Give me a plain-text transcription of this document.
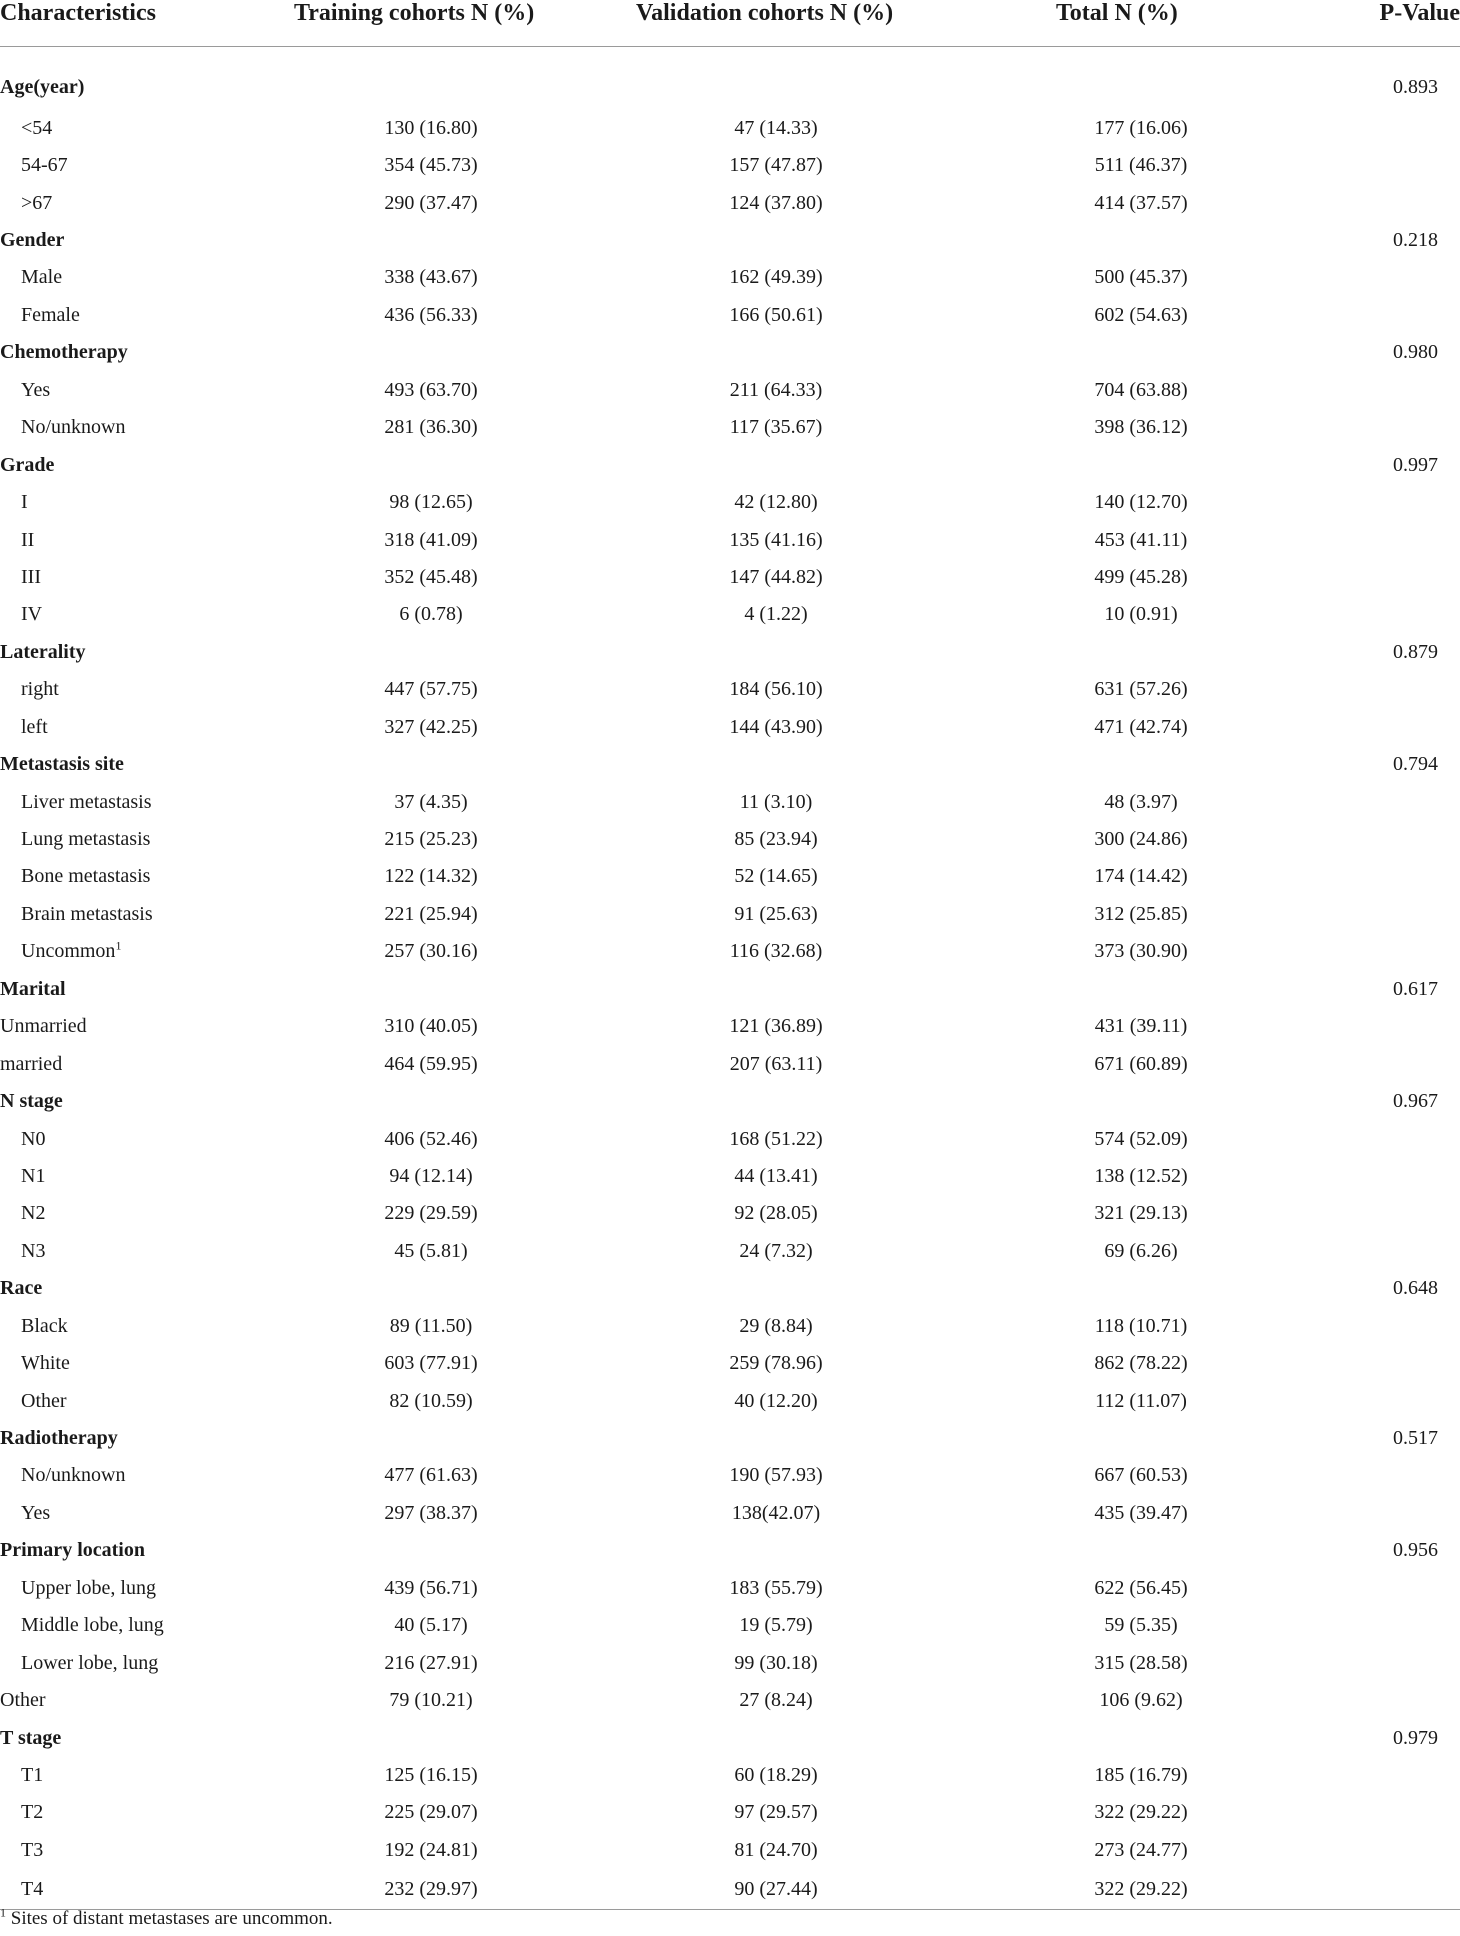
Characteristics	Training cohorts N (%)	Validation cohorts N (%)	Total N (%)	P-Value
Age(year)				0.893
<54	130 (16.80)	47 (14.33)	177 (16.06)	
54-67	354 (45.73)	157 (47.87)	511 (46.37)	
>67	290 (37.47)	124 (37.80)	414 (37.57)	
Gender				0.218
Male	338 (43.67)	162 (49.39)	500 (45.37)	
Female	436 (56.33)	166 (50.61)	602 (54.63)	
Chemotherapy				0.980
Yes	493 (63.70)	211 (64.33)	704 (63.88)	
No/unknown	281 (36.30)	117 (35.67)	398 (36.12)	
Grade				0.997
I	98 (12.65)	42 (12.80)	140 (12.70)	
II	318 (41.09)	135 (41.16)	453 (41.11)	
III	352 (45.48)	147 (44.82)	499 (45.28)	
IV	6 (0.78)	4 (1.22)	10 (0.91)	
Laterality				0.879
right	447 (57.75)	184 (56.10)	631 (57.26)	
left	327 (42.25)	144 (43.90)	471 (42.74)	
Metastasis site				0.794
Liver metastasis	37 (4.35)	11 (3.10)	48 (3.97)	
Lung metastasis	215 (25.23)	85 (23.94)	300 (24.86)	
Bone metastasis	122 (14.32)	52 (14.65)	174 (14.42)	
Brain metastasis	221 (25.94)	91 (25.63)	312 (25.85)	
Uncommon$^1$	257 (30.16)	116 (32.68)	373 (30.90)	
Marital				0.617
Unmarried	310 (40.05)	121 (36.89)	431 (39.11)	
married	464 (59.95)	207 (63.11)	671 (60.89)	
N stage				0.967
N0	406 (52.46)	168 (51.22)	574 (52.09)	
N1	94 (12.14)	44 (13.41)	138 (12.52)	
N2	229 (29.59)	92 (28.05)	321 (29.13)	
N3	45 (5.81)	24 (7.32)	69 (6.26)	
Race				0.648
Black	89 (11.50)	29 (8.84)	118 (10.71)	
White	603 (77.91)	259 (78.96)	862 (78.22)	
Other	82 (10.59)	40 (12.20)	112 (11.07)	
Radiotherapy				0.517
No/unknown	477 (61.63)	190 (57.93)	667 (60.53)	
Yes	297 (38.37)	138(42.07)	435 (39.47)	
Primary location				0.956
Upper lobe, lung	439 (56.71)	183 (55.79)	622 (56.45)	
Middle lobe, lung	40 (5.17)	19 (5.79)	59 (5.35)	
Lower lobe, lung	216 (27.91)	99 (30.18)	315 (28.58)	
Other	79 (10.21)	27 (8.24)	106 (9.62)	
T stage				0.979
T1	125 (16.15)	60 (18.29)	185 (16.79)	
T2	225 (29.07)	97 (29.57)	322 (29.22)	
T3	192 (24.81)	81 (24.70)	273 (24.77)	
T4	232 (29.97)	90 (27.44)	322 (29.22)	
$^1$ Sites of distant metastases are uncommon.
